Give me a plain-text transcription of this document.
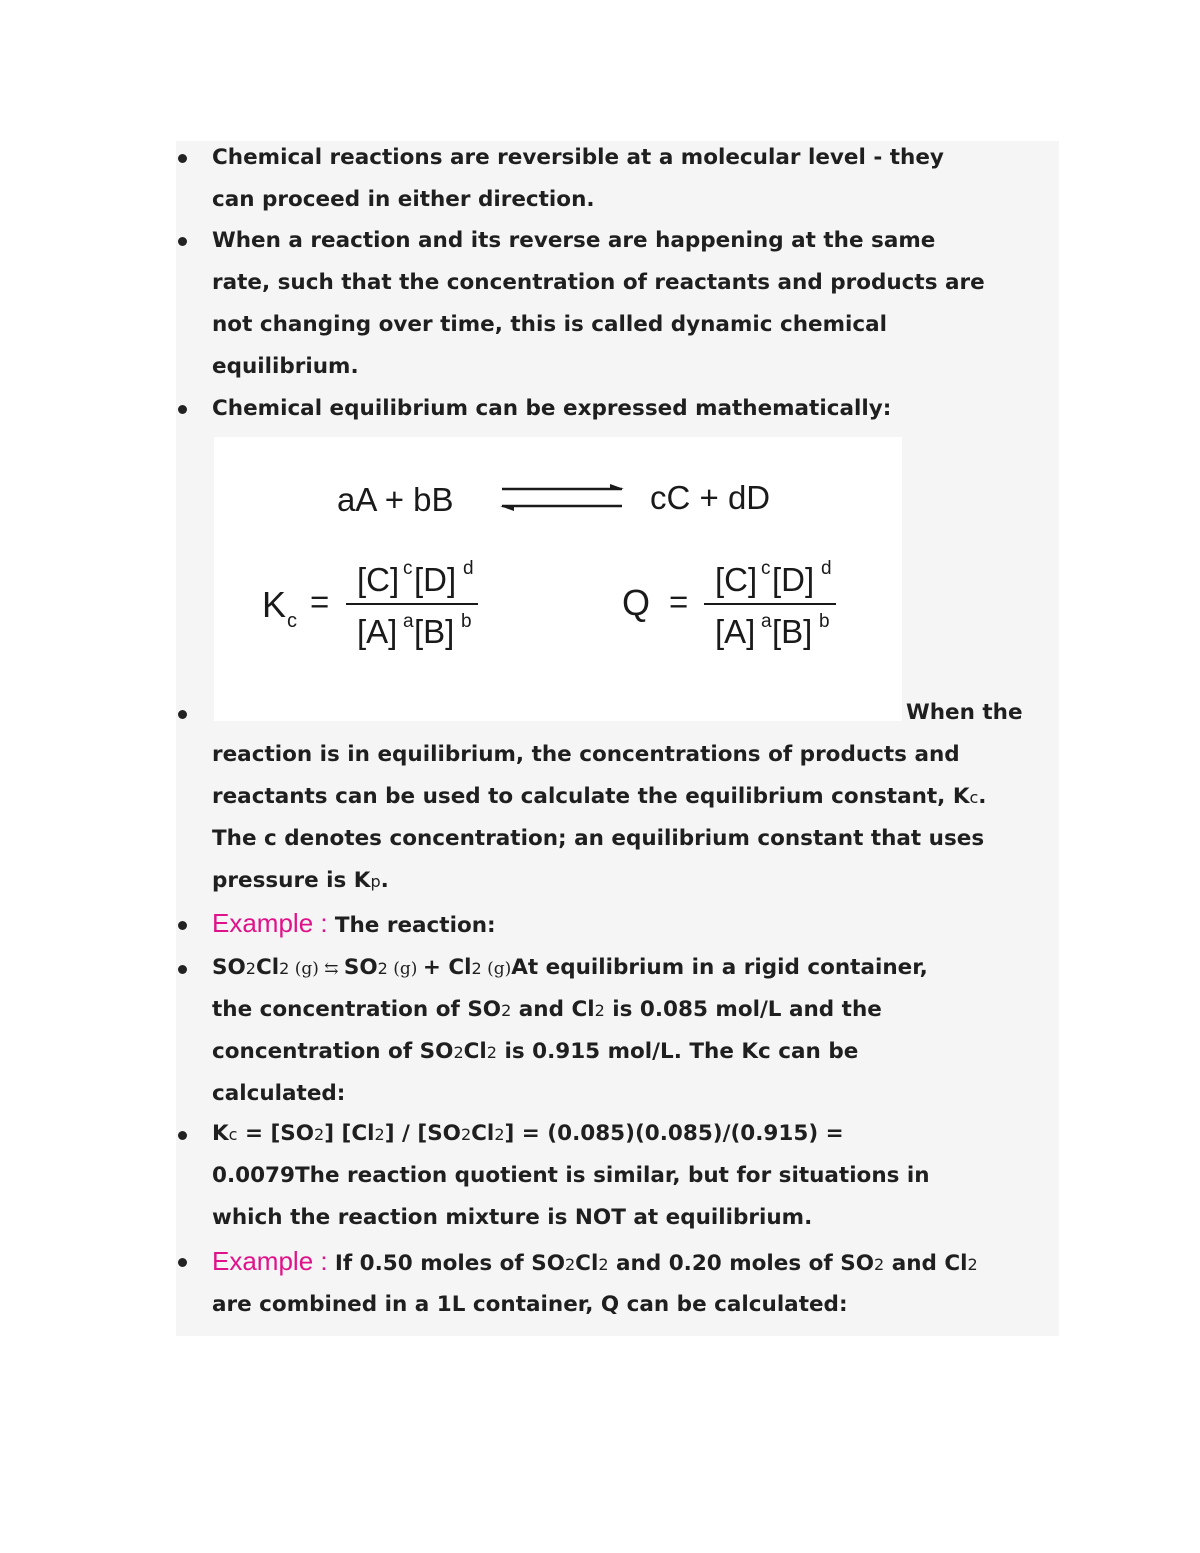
Chemical reactions are reversible at a molecular level - they
can proceed in either direction.
When a reaction and its reverse are happening at the same
rate, such that the concentration of reactants and products are
not changing over time, this is called dynamic chemical
equilibrium.
Chemical equilibrium can be expressed mathematically:
aA + bB	cC + dD
K c
=
[C] c [D] d
[A] a [B] b	Q =
[C] c [D] d
[A] a [B] b
When the
reaction is in equilibrium, the concentrations of products and
reactants can be used to calculate the equilibrium constant, Kc.
The c denotes concentration; an equilibrium constant that uses
pressure is Kp.
Example : The reaction:
SO2Cl2 (g) ⇆ SO2 (g) + Cl2 (g)At equilibrium in a rigid container,
the concentration of SO2 and Cl2 is 0.085 mol/L and the
concentration of SO2Cl2 is 0.915 mol/L. The Kc can be
calculated:
Kc = [SO2] [Cl2] / [SO2Cl2] = (0.085)(0.085)/(0.915) =
0.0079The reaction quotient is similar, but for situations in
which the reaction mixture is NOT at equilibrium.
Example : If 0.50 moles of SO2Cl2 and 0.20 moles of SO2 and Cl2
are combined in a 1L container, Q can be calculated:
